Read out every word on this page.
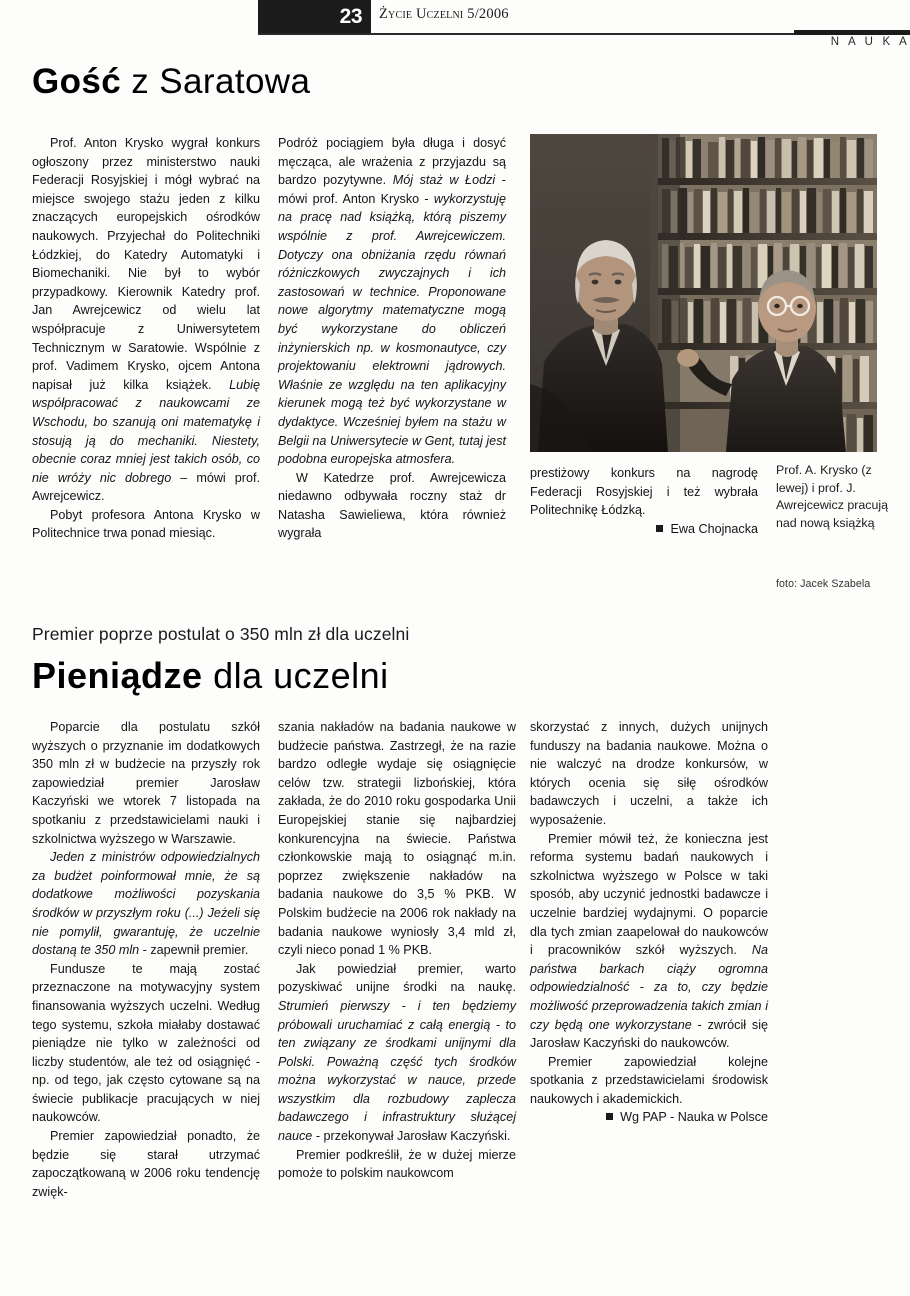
23	Życie Uczelni 5/2006
N A U K A
Gość z Saratowa

Prof. Anton Krysko wygrał konkurs ogłoszony przez ministerstwo nauki Federacji Rosyjskiej i mógł wybrać na miejsce swojego stażu jeden z kilku znaczących europejskich ośrodków naukowych. Przyjechał do Politechniki Łódzkiej, do Katedry Automatyki i Biomechaniki. Nie był to wybór przypadkowy. Kierownik Katedry prof. Jan Awrejcewicz od wielu lat współpracuje z Uniwersytetem Technicznym w Saratowie. Wspólnie z prof. Vadimem Krysko, ojcem Antona napisał już kilka książek. Lubię współpracować z naukowcami ze Wschodu, bo szanują oni matematykę i stosują ją do mechaniki. Niestety, obecnie coraz mniej jest takich osób, co nie wróży nic dobrego – mówi prof. Awrejcewicz.

Pobyt profesora Antona Krysko w Politechnice trwa ponad miesiąc.

Podróż pociągiem była długa i dosyć męcząca, ale wrażenia z przyjazdu są bardzo pozytywne. Mój staż w Łodzi - mówi prof. Anton Krysko - wykorzystuję na pracę nad książką, którą piszemy wspólnie z prof. Awrejcewiczem. Dotyczy ona obniżania rzędu równań różniczkowych zwyczajnych i ich zastosowań w technice. Proponowane nowe algorytmy matematyczne mogą być wykorzystane do obliczeń inżynierskich np. w kosmonautyce, czy projektowaniu elektrowni jądrowych. Właśnie ze względu na ten aplikacyjny kierunek mogą też być wykorzystane w dydaktyce. Wcześniej byłem na stażu w Belgii na Uniwersytecie w Gent, tutaj jest podobna europejska atmosfera.

W Katedrze prof. Awrejcewicza niedawno odbywała roczny staż dr Natasha Sawieliewa, która również wygrała

prestiżowy konkurs na nagrodę Federacji Rosyjskiej i też wybrała Politechnikę Łódzką.

Ewa Chojnacka

Prof. A. Krysko (z lewej) i prof. J. Awrejcewicz pracują nad nową książką
foto: Jacek Szabela
Premier poprze postulat o 350 mln zł dla uczelni
Pieniądze dla uczelni

Poparcie dla postulatu szkół wyższych o przyznanie im dodatkowych 350 mln zł w budżecie na przyszły rok zapowiedział premier Jarosław Kaczyński we wtorek 7 listopada na spotkaniu z przedstawicielami nauki i szkolnictwa wyższego w Warszawie.

Jeden z ministrów odpowiedzialnych za budżet poinformował mnie, że są dodatkowe możliwości pozyskania środków w przyszłym roku (...) Jeżeli się nie pomylił, gwarantuję, że uczelnie dostaną te 350 mln - zapewnił premier.

Fundusze te mają zostać przeznaczone na motywacyjny system finansowania wyższych uczelni. Według tego systemu, szkoła miałaby dostawać pieniądze nie tylko w zależności od liczby studentów, ale też od osiągnięć - np. od tego, jak często cytowane są na świecie publikacje pracujących w niej naukowców.

Premier zapowiedział ponadto, że będzie się starał utrzymać zapoczątkowaną w 2006 roku tendencję zwięk-

szania nakładów na badania naukowe w budżecie państwa. Zastrzegł, że na razie bardzo odległe wydaje się osiągnięcie celów tzw. strategii lizbońskiej, która zakłada, że do 2010 roku gospodarka Unii Europejskiej stanie się najbardziej konkurencyjna na świecie. Państwa członkowskie mają to osiągnąć m.in. poprzez zwiększenie nakładów na badania naukowe do 3,5 % PKB. W Polskim budżecie na 2006 rok nakłady na badania naukowe wyniosły 3,4 mld zł, czyli nieco ponad 1 % PKB.

Jak powiedział premier, warto pozyskiwać unijne środki na naukę. Strumień pierwszy - i ten będziemy próbowali uruchamiać z całą energią - to ten związany ze środkami unijnymi dla Polski. Poważną część tych środków można wykorzystać w nauce, przede wszystkim dla rozbudowy zaplecza badawczego i infrastruktury służącej nauce - przekonywał Jarosław Kaczyński.

Premier podkreślił, że w dużej mierze pomoże to polskim naukowcom

skorzystać z innych, dużych unijnych funduszy na badania naukowe. Można o nie walczyć na drodze konkursów, w których ocenia się siłę ośrodków badawczych i uczelni, a także ich wyposażenie.

Premier mówił też, że konieczna jest reforma systemu badań naukowych i szkolnictwa wyższego w Polsce w taki sposób, aby uczynić jednostki badawcze i uczelnie bardziej wydajnymi. O poparcie dla tych zmian zaapelował do naukowców i pracowników szkół wyższych. Na państwa barkach ciąży ogromna odpowiedzialność - za to, czy będzie możliwość przeprowadzenia takich zmian i czy będą one wykorzystane - zwrócił się Jarosław Kaczyński do naukowców.

Premier zapowiedział kolejne spotkania z przedstawicielami środowisk naukowych i akademickich.

Wg PAP - Nauka w Polsce
